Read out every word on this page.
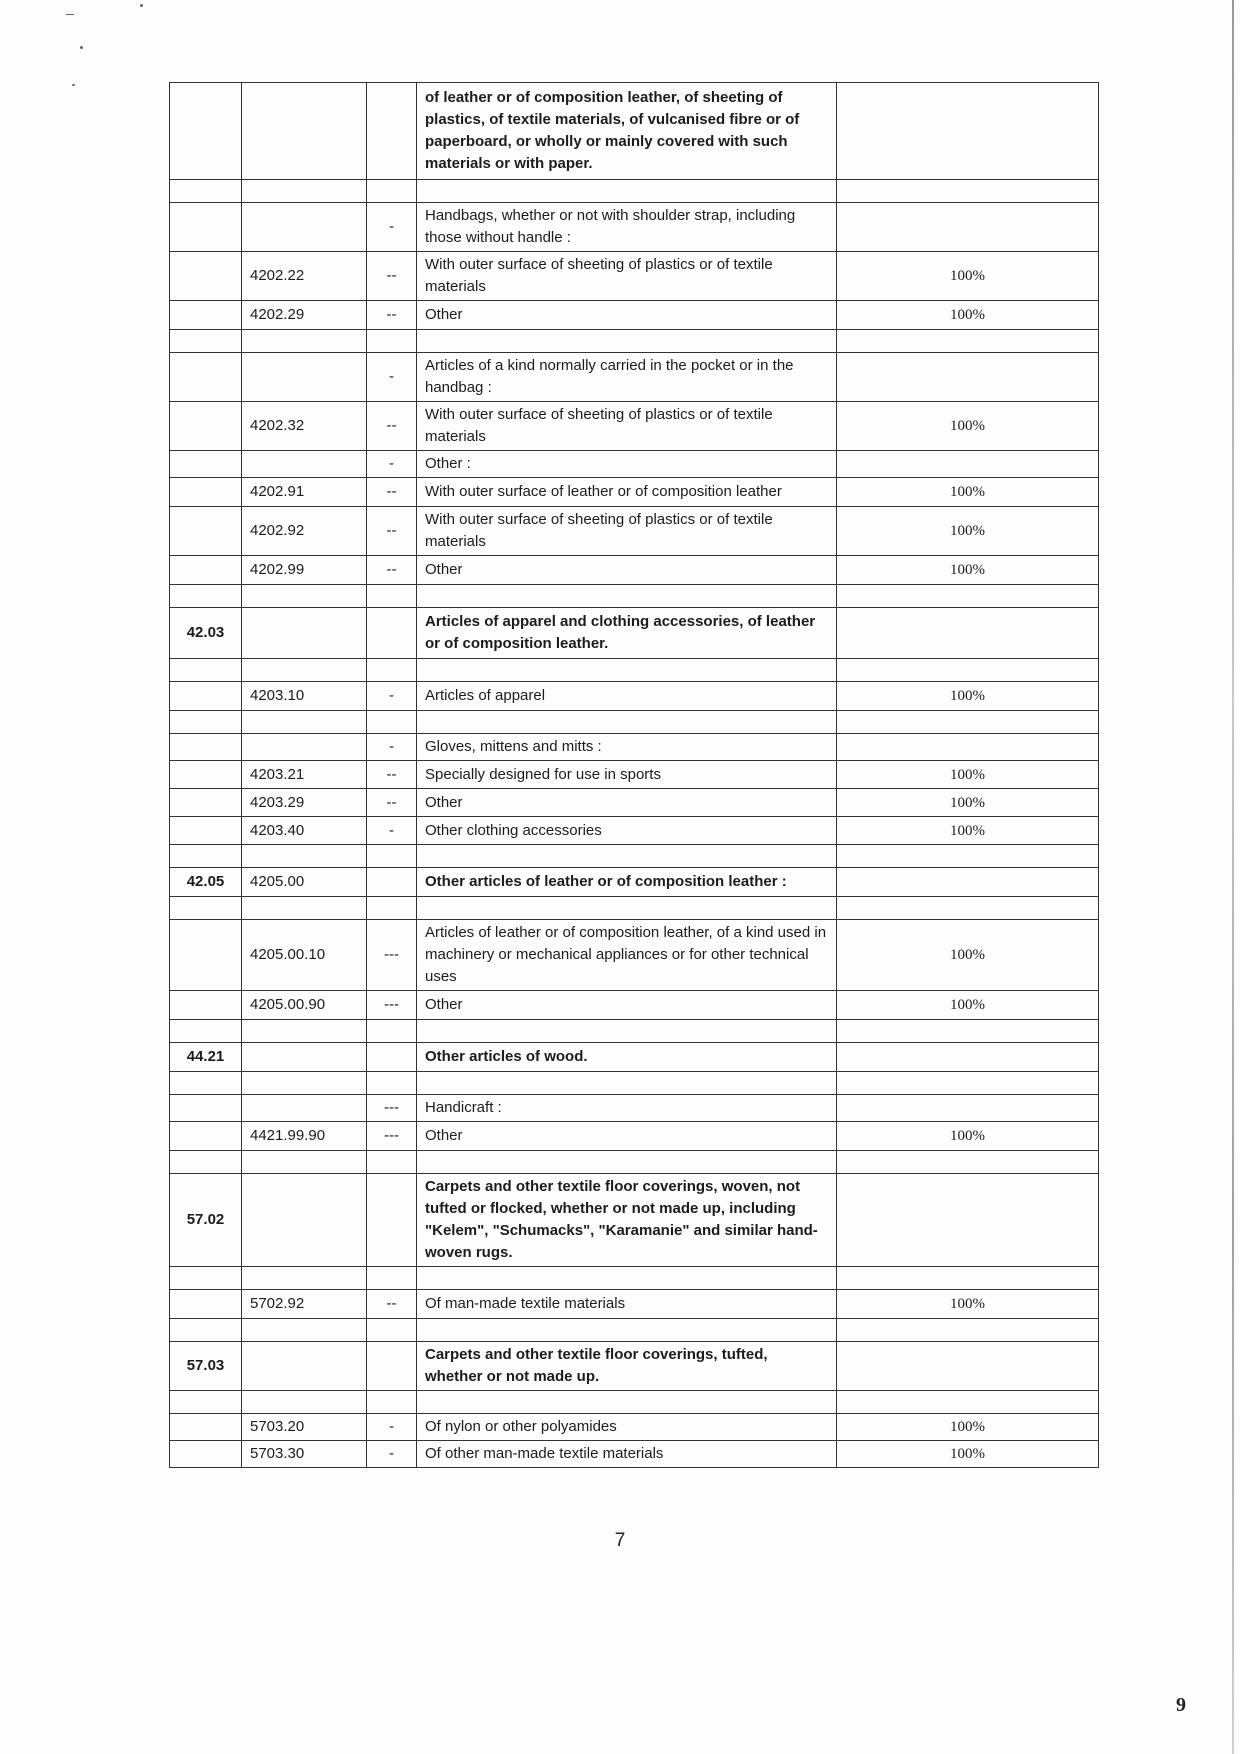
			of leather or of composition leather, of sheeting of plastics, of textile materials, of vulcanised fibre or of paperboard, or wholly or mainly covered with such materials or with paper.	

		-	Handbags, whether or not with shoulder strap, including those without handle :	
	4202.22	--	With outer surface of sheeting of plastics or of textile materials	100%
	4202.29	--	Other	100%

		-	Articles of a kind normally carried in the pocket or in the handbag :	
	4202.32	--	With outer surface of sheeting of plastics or of textile materials	100%
		-	Other :	
	4202.91	--	With outer surface of leather or of composition leather	100%
	4202.92	--	With outer surface of sheeting of plastics or of textile materials	100%
	4202.99	--	Other	100%

42.03			Articles of apparel and clothing accessories, of leather or of composition leather.	

	4203.10	-	Articles of apparel	100%

		-	Gloves, mittens and mitts :	
	4203.21	--	Specially designed for use in sports	100%
	4203.29	--	Other	100%
	4203.40	-	Other clothing accessories	100%

42.05	4205.00		Other articles of leather or of composition leather :	

	4205.00.10	---	Articles of leather or of composition leather, of a kind used in machinery or mechanical appliances or for other technical uses	100%
	4205.00.90	---	Other	100%

44.21			Other articles of wood.	

		---	Handicraft :	
	4421.99.90	---	Other	100%

57.02			Carpets and other textile floor coverings, woven, not tufted or flocked, whether or not made up, including "Kelem", "Schumacks", "Karamanie" and similar hand-woven rugs.	

	5702.92	--	Of man-made textile materials	100%

57.03			Carpets and other textile floor coverings, tufted, whether or not made up.	

	5703.20	-	Of nylon or other polyamides	100%
	5703.30	-	Of other man-made textile materials	100%
7
9
